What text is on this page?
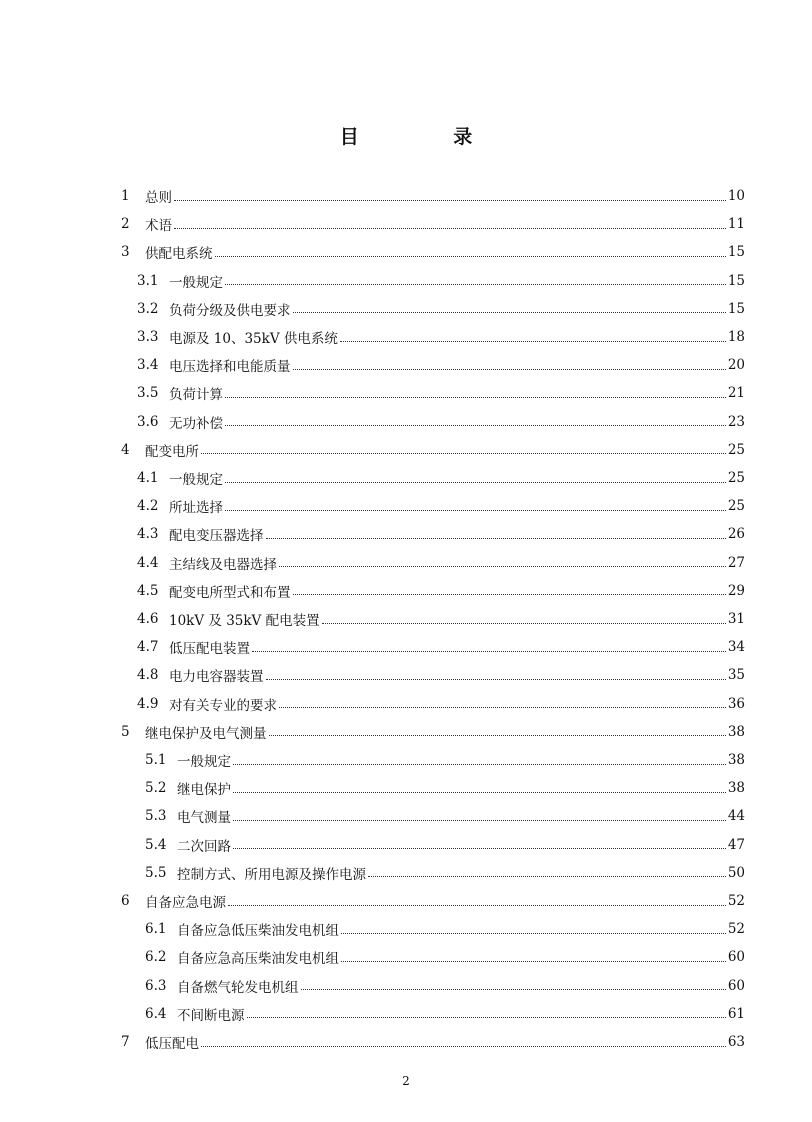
目 录
1	总则	10
2	术语	11
3	供配电系统	15
3.1 一般规定	15
3.2 负荷分级及供电要求	15
3.3 电源及 10、35kV 供电系统	18
3.4 电压选择和电能质量	20
3.5 负荷计算	21
3.6 无功补偿	23
4	配变电所	25
4.1 一般规定	25
4.2 所址选择	25
4.3 配电变压器选择	26
4.4 主结线及电器选择	27
4.5 配变电所型式和布置	29
4.6 10kV 及 35kV 配电装置	31
4.7 低压配电装置	34
4.8 电力电容器装置	35
4.9 对有关专业的要求	36
5	继电保护及电气测量	38
5.1 一般规定	38
5.2 继电保护	38
5.3 电气测量	44
5.4 二次回路	47
5.5 控制方式、所用电源及操作电源	50
6	自备应急电源	52
6.1 自备应急低压柴油发电机组	52
6.2 自备应急高压柴油发电机组	60
6.3 自备燃气轮发电机组	60
6.4 不间断电源	61
7	低压配电	63
2
